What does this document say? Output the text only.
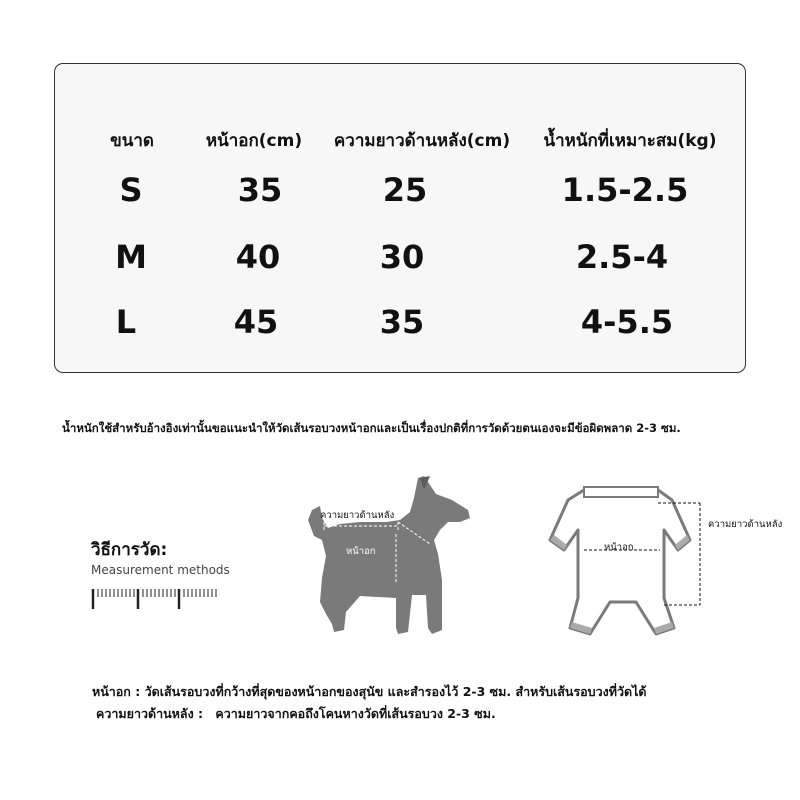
ขนาด	หน้าอก(cm)	ความยาวด้านหลัง(cm)	น้ำหนักที่เหมาะสม(kg)
S	35	25	1.5-2.5
M	40	30	2.5-4
L	45	35	4-5.5
น้ำหนักใช้สำหรับอ้างอิงเท่านั้นขอแนะนำให้วัดเส้นรอบวงหน้าอกและเป็นเรื่องปกติที่การวัดด้วยตนเองจะมีข้อผิดพลาด 2-3 ซม.
วิธีการวัด:
Measurement methods
ความยาวด้านหลัง
หน้าอก	หน้าอก
ความยาวด้านหลัง
หน้าอก : วัดเส้นรอบวงที่กว้างที่สุดของหน้าอกของสุนัข และสำรองไว้ 2-3 ซม. สำหรับเส้นรอบวงที่วัดได้
ความยาวด้านหลัง : ความยาวจากคอถึงโคนหางวัดที่เส้นรอบวง 2-3 ซม.
